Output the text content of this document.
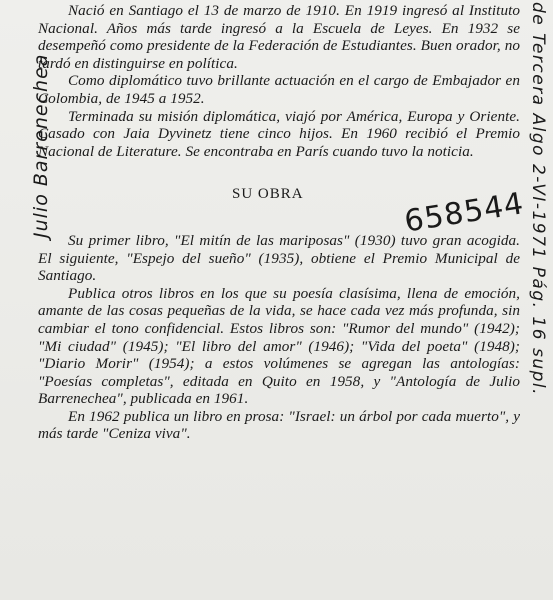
Nació en Santiago el 13 de marzo de 1910. En 1919 ingresó al Instituto Nacional. Años más tarde ingresó a la Escuela de Leyes. En 1932 se desempeñó como presidente de la Federación de Estudiantes. Buen orador, no tardó en distinguirse en política.

Como diplomático tuvo brillante actuación en el cargo de Embajador en Colombia, de 1945 a 1952.

Terminada su misión diplomática, viajó por América, Europa y Oriente. Casado con Jaia Dyvinetz tiene cinco hijos. En 1960 recibió el Premio Nacional de Literature. Se encontraba en París cuando tuvo la noticia.

SU OBRA

Su primer libro, "El mitín de las mariposas" (1930) tuvo gran acogida. El siguiente, "Espejo del sueño" (1935), obtiene el Premio Municipal de Santiago.

Publica otros libros en los que su poesía clasísima, llena de emoción, amante de las cosas pequeñas de la vida, se hace cada vez más profunda, sin cambiar el tono confidencial. Estos libros son: "Rumor del mundo" (1942); "Mi ciudad" (1945); "El libro del amor" (1946); "Vida del poeta" (1948); "Diario Morir" (1954); a estos volúmenes se agregan las antologías: "Poesías completas", editada en Quito en 1958, y "Antología de Julio Barrenechea", publicada en 1961.

En 1962 publica un libro en prosa: "Israel: un árbol por cada muerto", y más tarde "Ceniza viva".

Julio Barrenechea	de Tercera Algo 2-VI-1971 Pág. 16 supl.
658544
